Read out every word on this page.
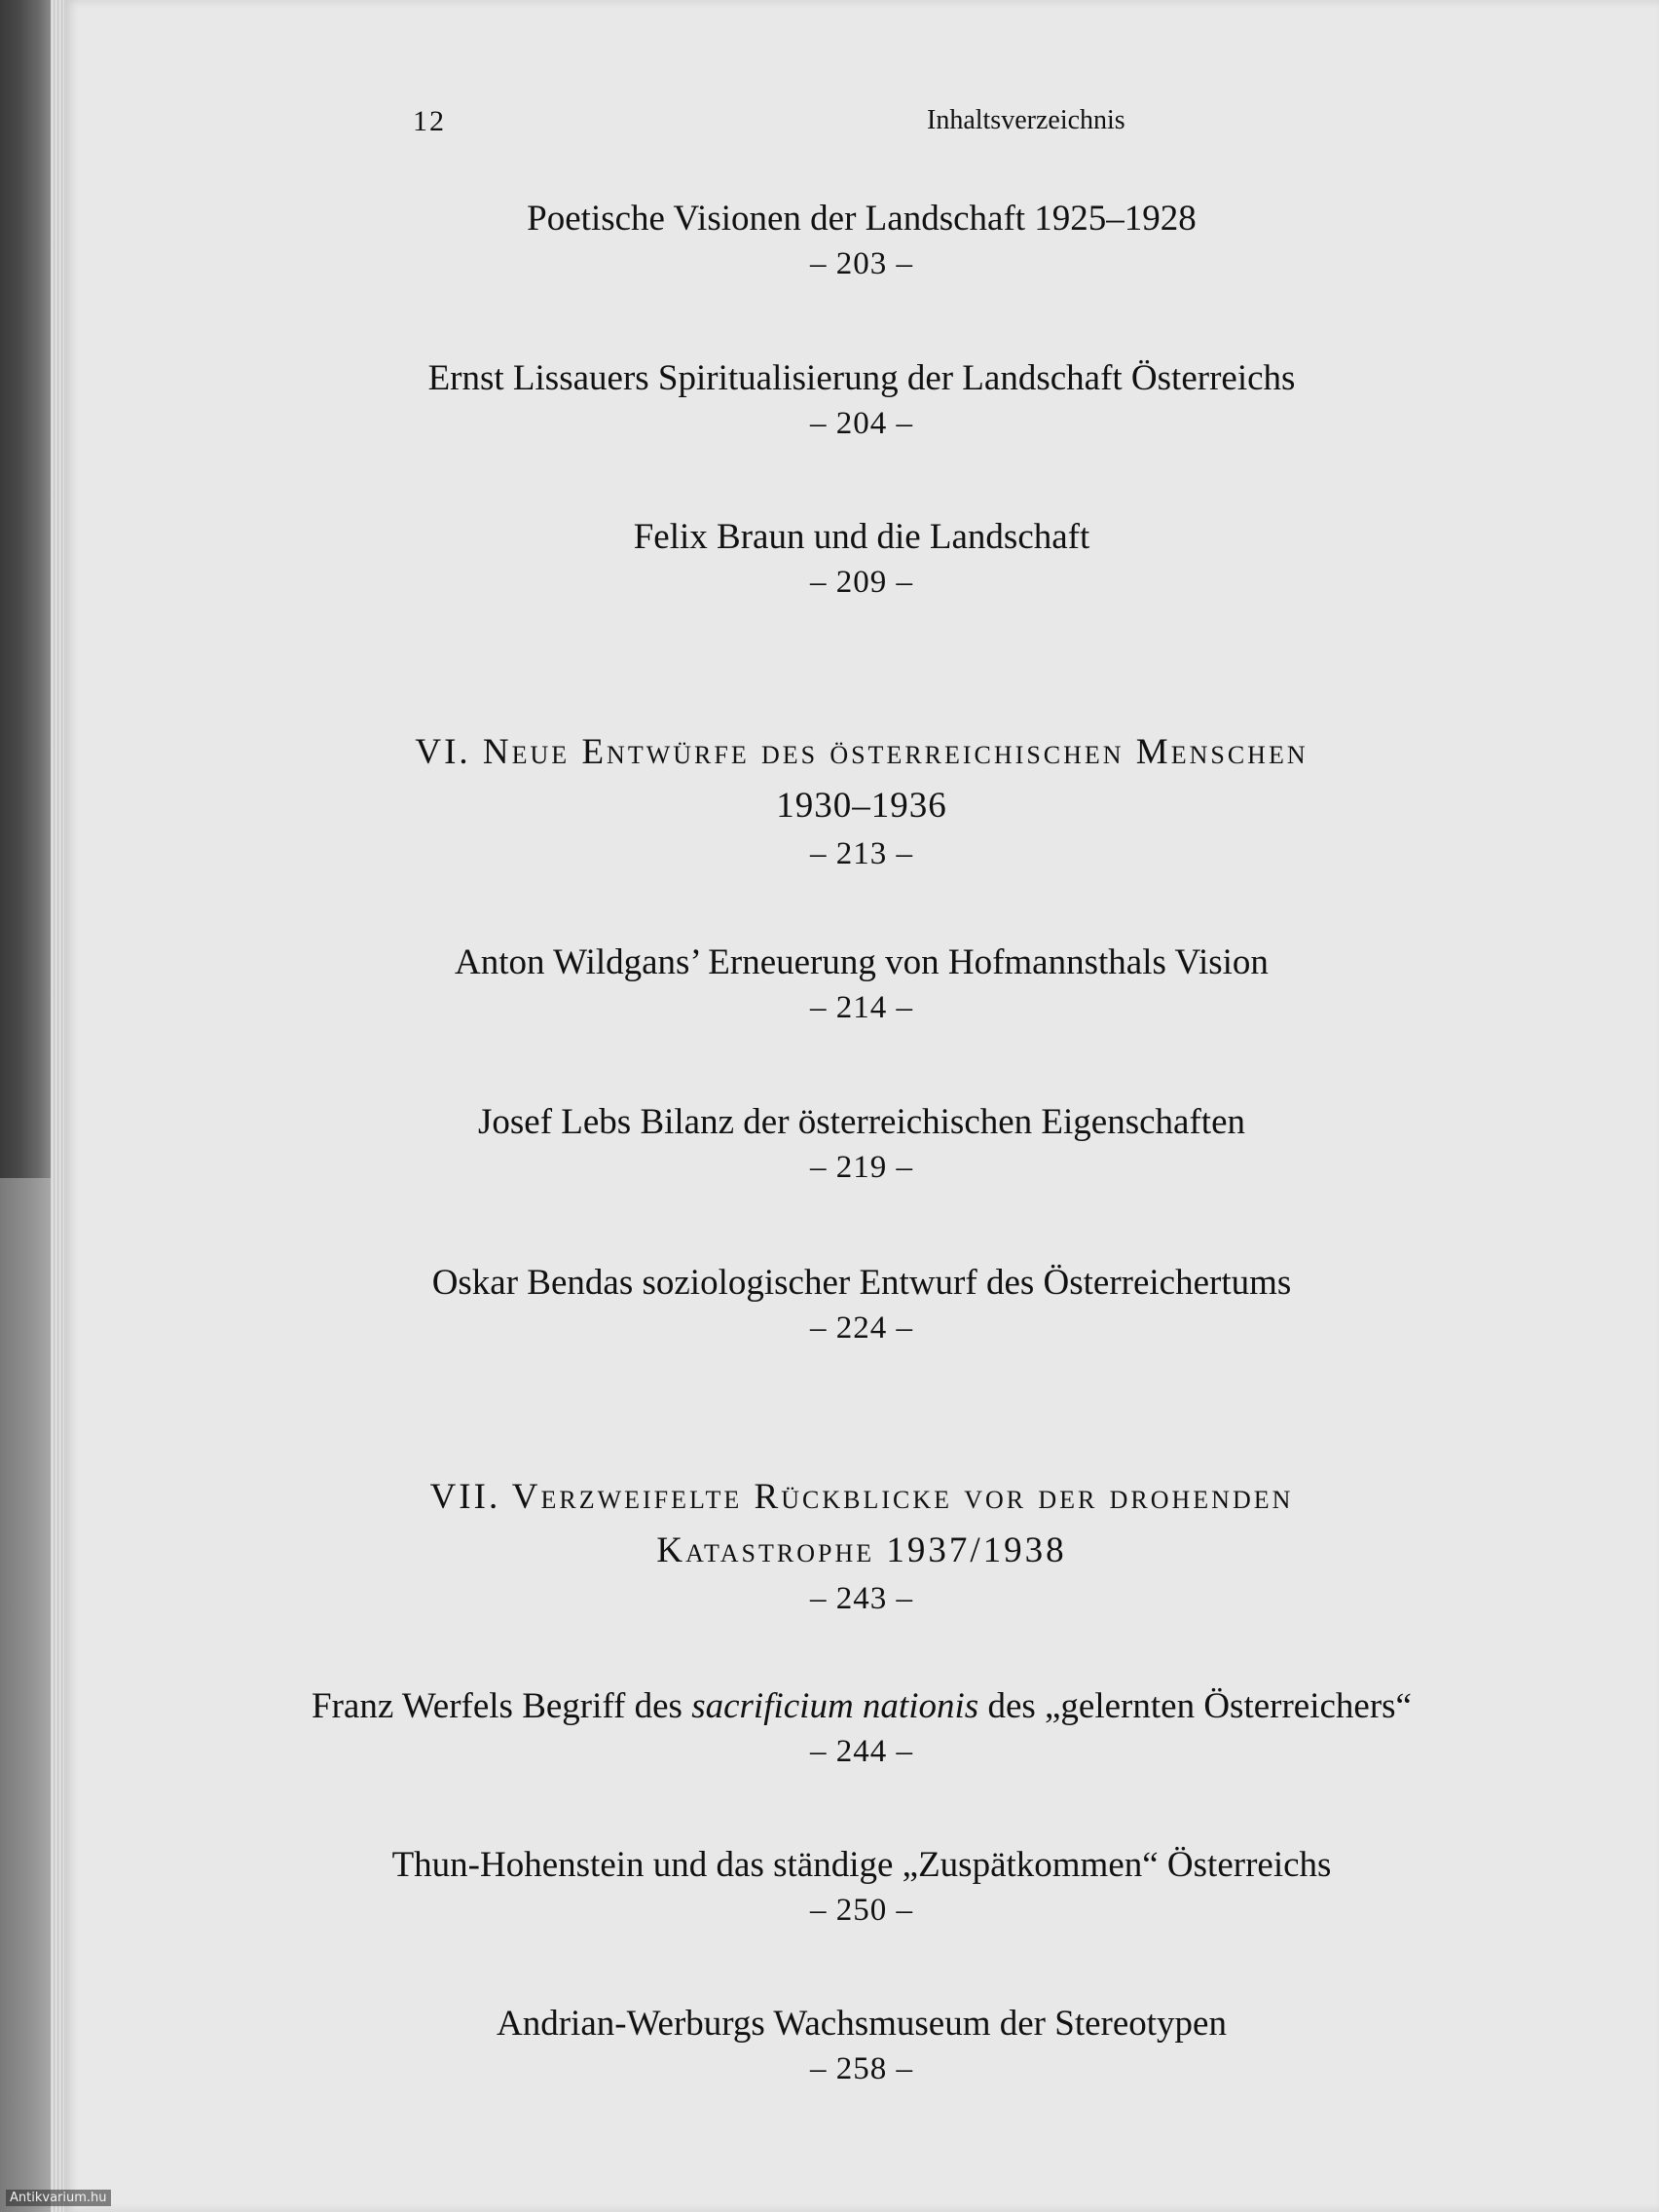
12	Inhaltsverzeichnis
Poetische Visionen der Landschaft 1925–1928
– 203 –
Ernst Lissauers Spiritualisierung der Landschaft Österreichs
– 204 –
Felix Braun und die Landschaft
– 209 –
VI. Neue Entwürfe des österreichischen Menschen
1930–1936
– 213 –
Anton Wildgans’ Erneuerung von Hofmannsthals Vision
– 214 –
Josef Lebs Bilanz der österreichischen Eigenschaften
– 219 –
Oskar Bendas soziologischer Entwurf des Österreichertums
– 224 –
VII. Verzweifelte Rückblicke vor der drohenden
Katastrophe 1937/1938
– 243 –
Franz Werfels Begriff des sacrificium nationis des „gelernten Österreichers“
– 244 –
Thun-Hohenstein und das ständige „Zuspätkommen“ Österreichs
– 250 –
Andrian-Werburgs Wachsmuseum der Stereotypen
– 258 –
Antikvarium.hu
